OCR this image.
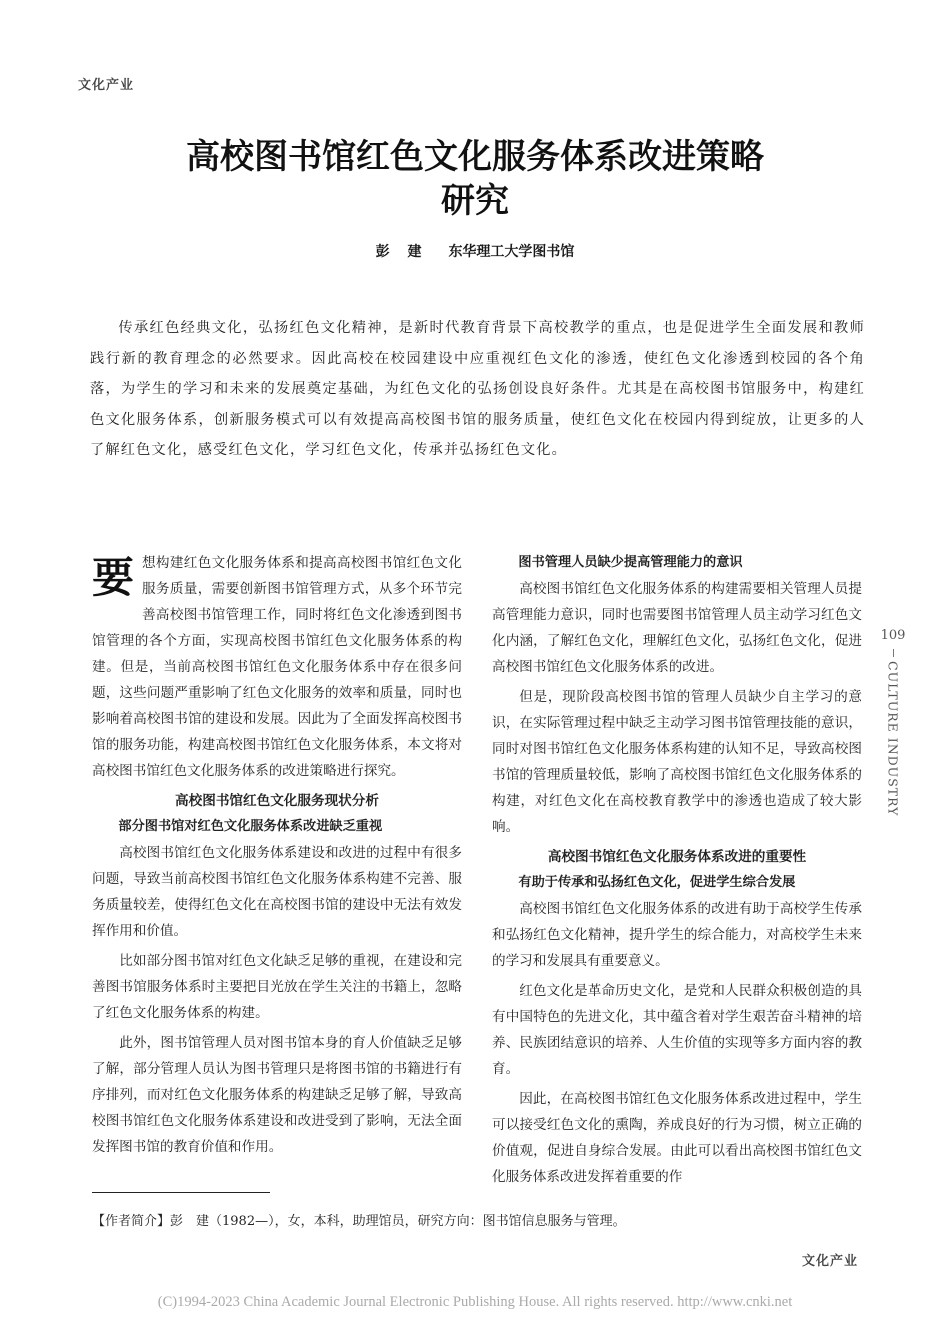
文化产业
高校图书馆红色文化服务体系改进策略
研究
彭建 东华理工大学图书馆
传承红色经典文化，弘扬红色文化精神，是新时代教育背景下高校教学的重点，也是促进学生全面发展和教师践行新的教育理念的必然要求。因此高校在校园建设中应重视红色文化的渗透，使红色文化渗透到校园的各个角落，为学生的学习和未来的发展奠定基础，为红色文化的弘扬创设良好条件。尤其是在高校图书馆服务中，构建红色文化服务体系，创新服务模式可以有效提高高校图书馆的服务质量，使红色文化在校园内得到绽放，让更多的人了解红色文化，感受红色文化，学习红色文化，传承并弘扬红色文化。

要想构建红色文化服务体系和提高高校图书馆红色文化服务质量，需要创新图书馆管理方式，从多个环节完善高校图书馆管理工作，同时将红色文化渗透到图书馆管理的各个方面，实现高校图书馆红色文化服务体系的构建。但是，当前高校图书馆红色文化服务体系中存在很多问题，这些问题严重影响了红色文化服务的效率和质量，同时也影响着高校图书馆的建设和发展。因此为了全面发挥高校图书馆的服务功能，构建高校图书馆红色文化服务体系，本文将对高校图书馆红色文化服务体系的改进策略进行探究。

高校图书馆红色文化服务现状分析
部分图书馆对红色文化服务体系改进缺乏重视

高校图书馆红色文化服务体系建设和改进的过程中有很多问题，导致当前高校图书馆红色文化服务体系构建不完善、服务质量较差，使得红色文化在高校图书馆的建设中无法有效发挥作用和价值。

比如部分图书馆对红色文化缺乏足够的重视，在建设和完善图书馆服务体系时主要把目光放在学生关注的书籍上，忽略了红色文化服务体系的构建。

此外，图书馆管理人员对图书馆本身的育人价值缺乏足够了解，部分管理人员认为图书管理只是将图书馆的书籍进行有序排列，而对红色文化服务体系的构建缺乏足够了解，导致高校图书馆红色文化服务体系建设和改进受到了影响，无法全面发挥图书馆的教育价值和作用。

图书管理人员缺少提高管理能力的意识

高校图书馆红色文化服务体系的构建需要相关管理人员提高管理能力意识，同时也需要图书馆管理人员主动学习红色文化内涵，了解红色文化，理解红色文化，弘扬红色文化，促进高校图书馆红色文化服务体系的改进。

但是，现阶段高校图书馆的管理人员缺少自主学习的意识，在实际管理过程中缺乏主动学习图书馆管理技能的意识，同时对图书馆红色文化服务体系构建的认知不足，导致高校图书馆的管理质量较低，影响了高校图书馆红色文化服务体系的构建，对红色文化在高校教育教学中的渗透也造成了较大影响。

高校图书馆红色文化服务体系改进的重要性
有助于传承和弘扬红色文化，促进学生综合发展

高校图书馆红色文化服务体系的改进有助于高校学生传承和弘扬红色文化精神，提升学生的综合能力，对高校学生未来的学习和发展具有重要意义。

红色文化是革命历史文化，是党和人民群众积极创造的具有中国特色的先进文化，其中蕴含着对学生艰苦奋斗精神的培养、民族团结意识的培养、人生价值的实现等多方面内容的教育。

因此，在高校图书馆红色文化服务体系改进过程中，学生可以接受红色文化的熏陶，养成良好的行为习惯，树立正确的价值观，促进自身综合发展。由此可以看出高校图书馆红色文化服务体系改进发挥着重要的作

109
CULTURE INDUSTRY
【作者简介】彭　建（1982—），女，本科，助理馆员，研究方向：图书馆信息服务与管理。
文化产业
(C)1994-2023 China Academic Journal Electronic Publishing House. All rights reserved. http://www.cnki.net
